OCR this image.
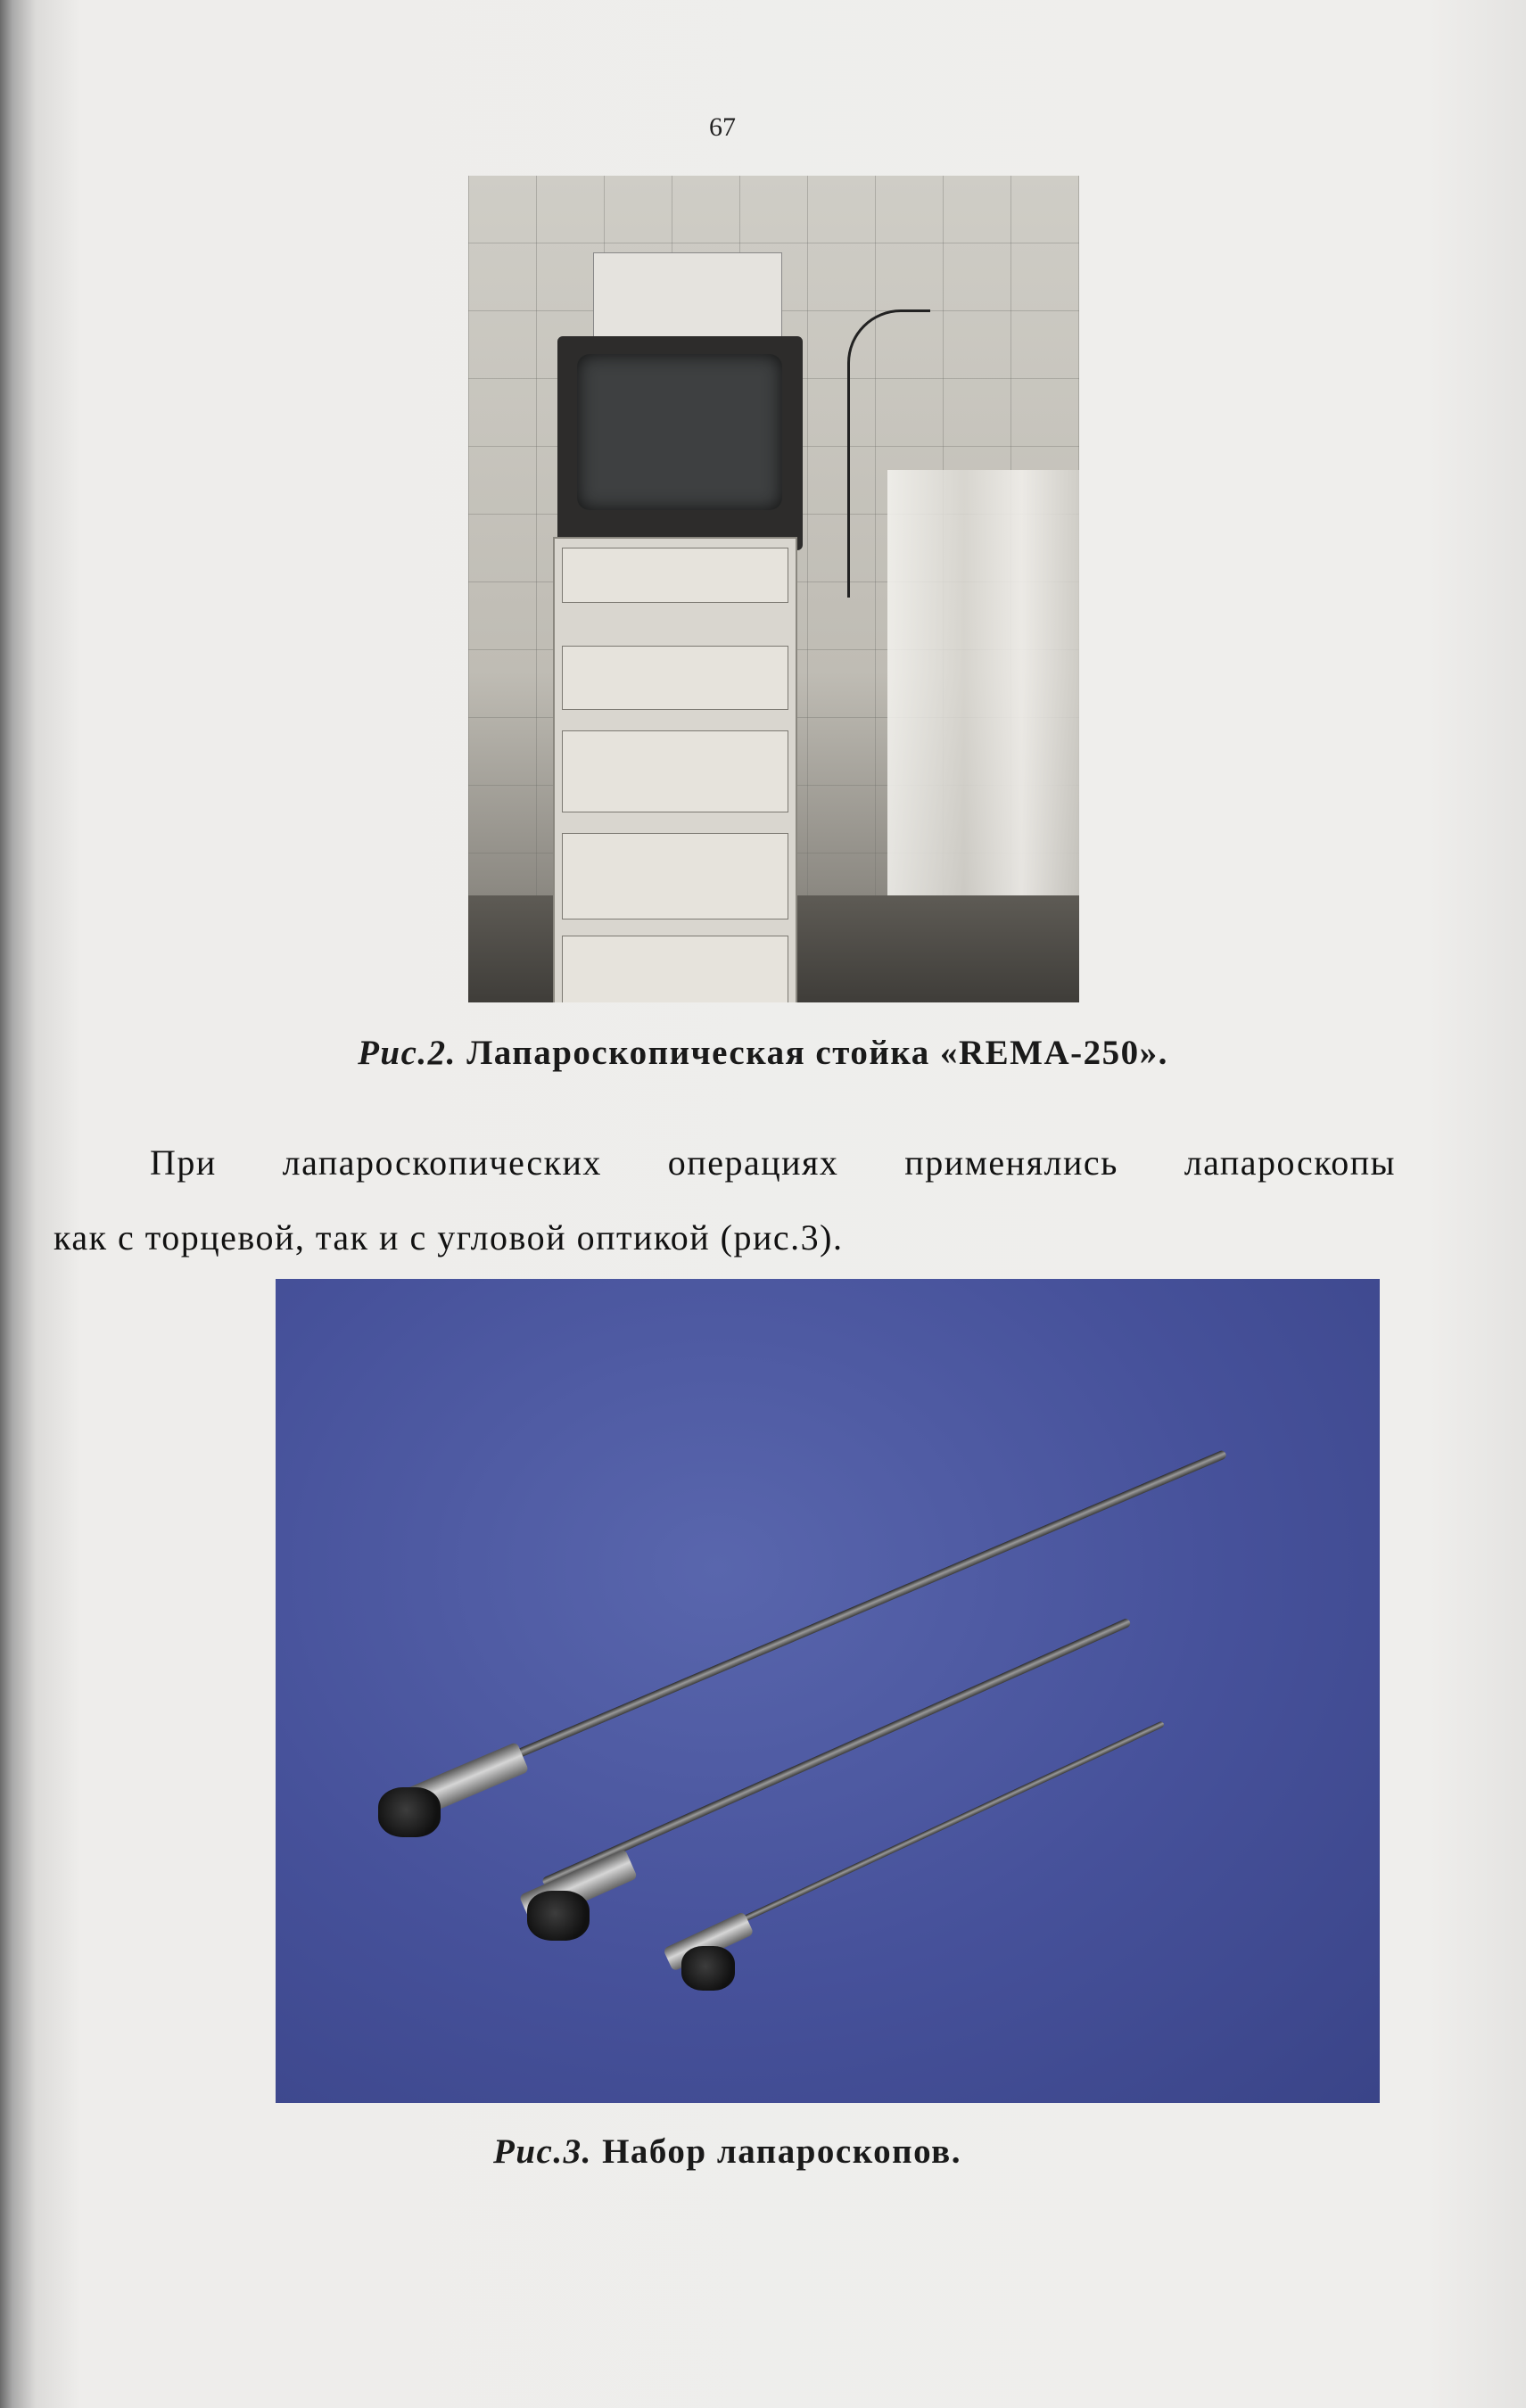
67
Рис.2. Лапароскопическая стойка «REMA-250».
При лапароскопических операциях применялись лапароскопы
как с торцевой, так и с угловой оптикой (рис.3).
Рис.3. Набор лапароскопов.
